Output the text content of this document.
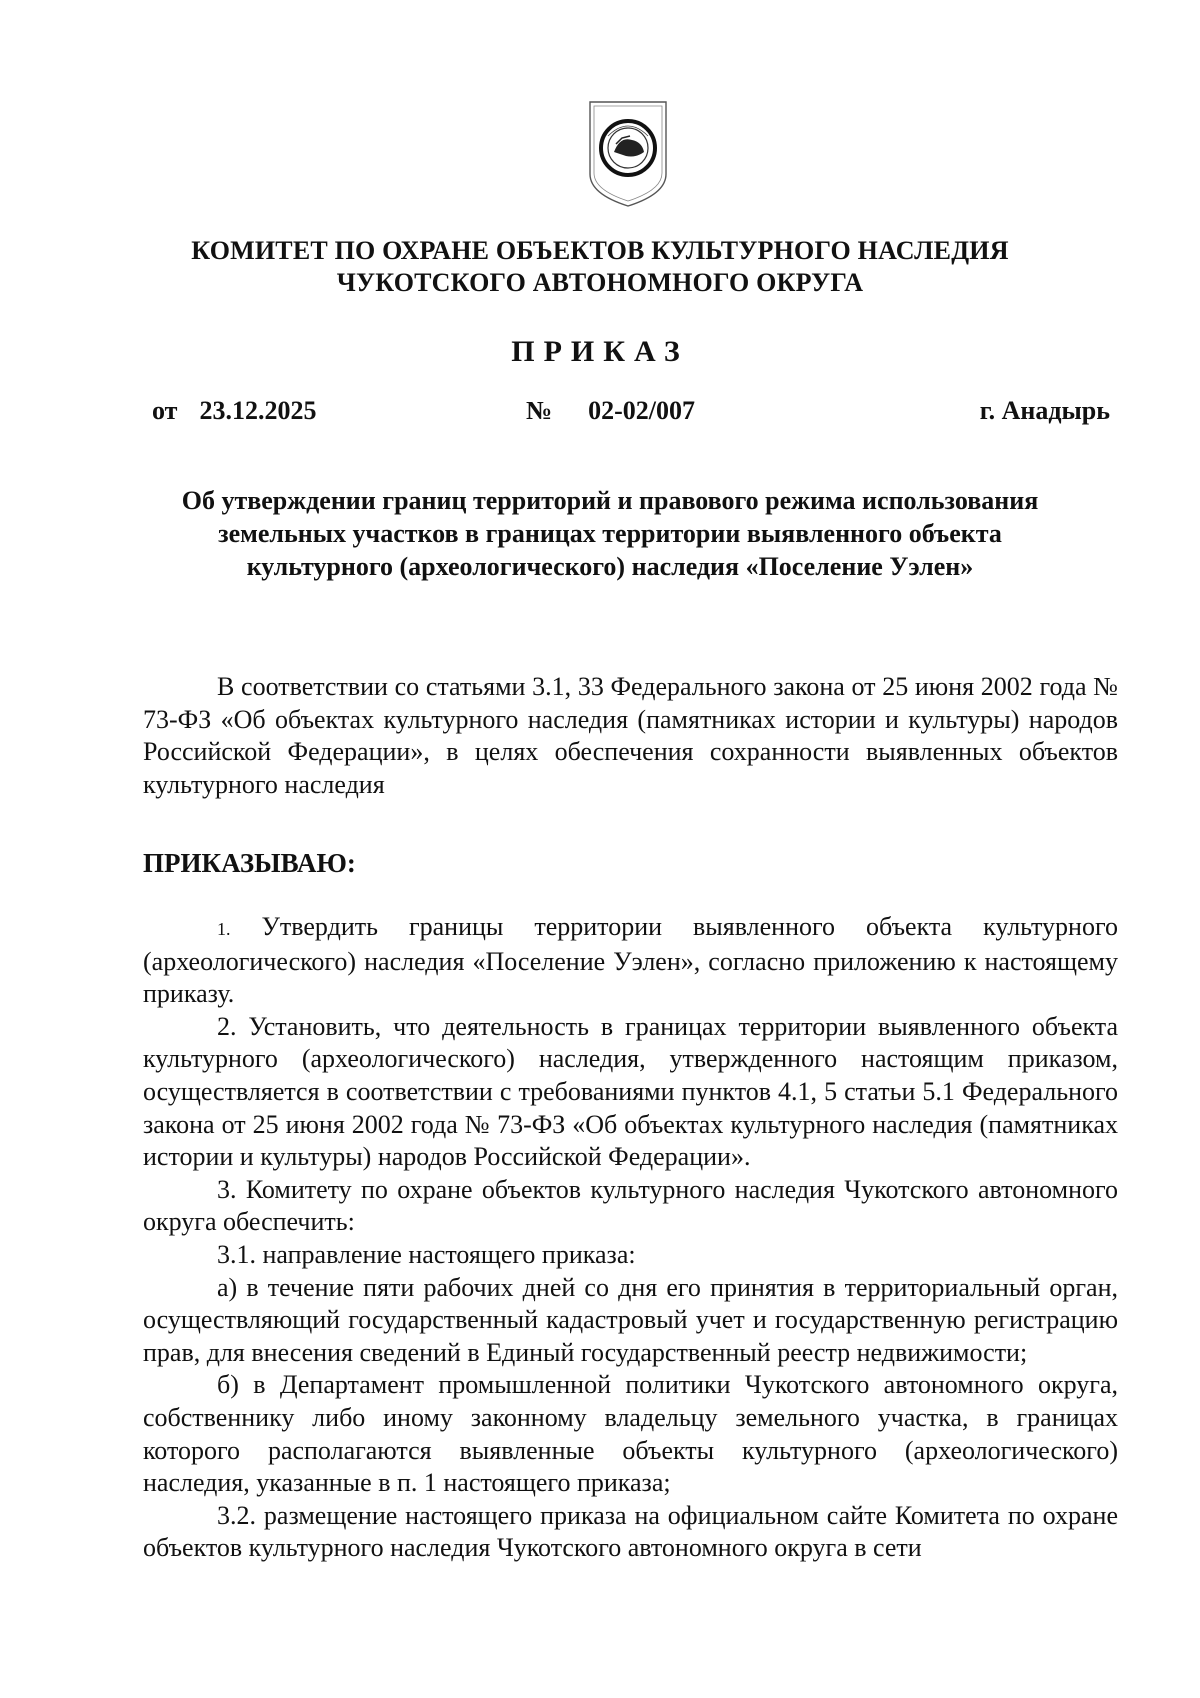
КОМИТЕТ ПО ОХРАНЕ ОБЪЕКТОВ КУЛЬТУРНОГО НАСЛЕДИЯ
ЧУКОТСКОГО АВТОНОМНОГО ОКРУГА
ПРИКАЗ
от 23.12.2025	№ 02-02/007	г. Анадырь
Об утверждении границ территорий и правового режима использования
земельных участков в границах территории выявленного объекта
культурного (археологического) наследия «Поселение Уэлен»

В соответствии со статьями 3.1, 33 Федерального закона от 25 июня 2002 года № 73-ФЗ «Об объектах культурного наследия (памятниках истории и культуры) народов Российской Федерации», в целях обеспечения сохранности выявленных объектов культурного наследия

ПРИКАЗЫВАЮ:

1. Утвердить границы территории выявленного объекта культурного (археологического) наследия «Поселение Уэлен», согласно приложению к настоящему приказу.

2. Установить, что деятельность в границах территории выявленного объекта культурного (археологического) наследия, утвержденного настоящим приказом, осуществляется в соответствии с требованиями пунктов 4.1, 5 статьи 5.1 Федерального закона от 25 июня 2002 года № 73-ФЗ «Об объектах культурного наследия (памятниках истории и культуры) народов Российской Федерации».

3. Комитету по охране объектов культурного наследия Чукотского автономного округа обеспечить:

3.1. направление настоящего приказа:

а) в течение пяти рабочих дней со дня его принятия в территориальный орган, осуществляющий государственный кадастровый учет и государственную регистрацию прав, для внесения сведений в Единый государственный реестр недвижимости;

б) в Департамент промышленной политики Чукотского автономного округа, собственнику либо иному законному владельцу земельного участка, в границах которого располагаются выявленные объекты культурного (археологического) наследия, указанные в п. 1 настоящего приказа;

3.2. размещение настоящего приказа на официальном сайте Комитета по охране объектов культурного наследия Чукотского автономного округа в сети
